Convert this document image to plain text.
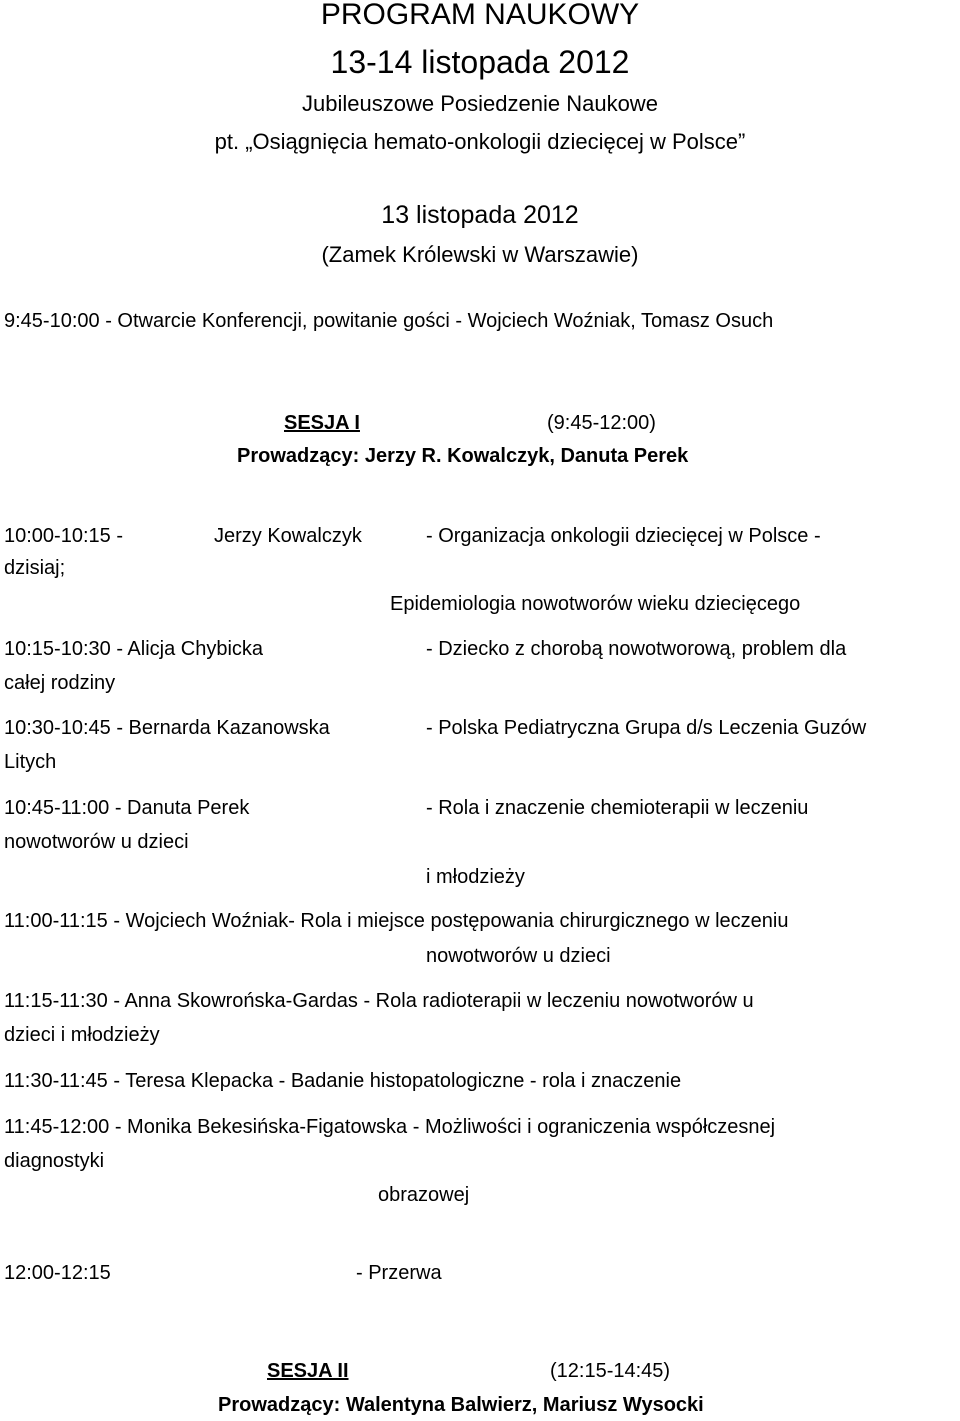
PROGRAM NAUKOWY
13-14 listopada 2012
Jubileuszowe Posiedzenie Naukowe
pt. „Osiągnięcia hemato-onkologii dziecięcej w Polsce”
13 listopada 2012
(Zamek Królewski w Warszawie)
9:45-10:00 - Otwarcie Konferencji, powitanie gości - Wojciech Woźniak, Tomasz Osuch
SESJA I	(9:45-12:00)
Prowadzący: Jerzy R. Kowalczyk, Danuta Perek
10:00-10:15 -	Jerzy Kowalczyk	- Organizacja onkologii dziecięcej w Polsce -
dzisiaj;
Epidemiologia nowotworów wieku dziecięcego
10:15-10:30 - Alicja Chybicka	- Dziecko z chorobą nowotworową, problem dla
całej rodziny
10:30-10:45 - Bernarda Kazanowska	- Polska Pediatryczna Grupa d/s Leczenia Guzów
Litych
10:45-11:00 - Danuta Perek	- Rola i znaczenie chemioterapii w leczeniu
nowotworów u dzieci
i młodzieży
11:00-11:15 - Wojciech Woźniak- Rola i miejsce postępowania chirurgicznego w leczeniu
nowotworów u dzieci
11:15-11:30 - Anna Skowrońska-Gardas - Rola radioterapii w leczeniu nowotworów u
dzieci i młodzieży
11:30-11:45 - Teresa Klepacka - Badanie histopatologiczne - rola i znaczenie
11:45-12:00 - Monika Bekesińska-Figatowska - Możliwości i ograniczenia współczesnej
diagnostyki
obrazowej
12:00-12:15	- Przerwa
SESJA II	(12:15-14:45)
Prowadzący: Walentyna Balwierz, Mariusz Wysocki
